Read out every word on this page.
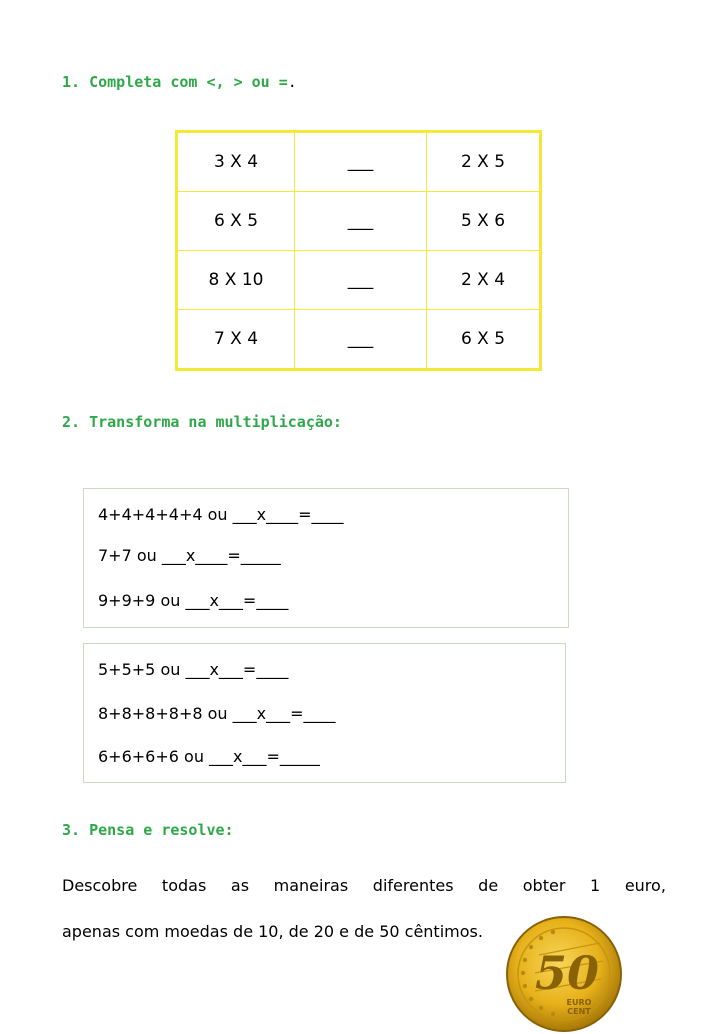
1. Completa com <, > ou =.
3 X 4	___	2 X 5
6 X 5	___	5 X 6
8 X 10	___	2 X 4
7 X 4	___	6 X 5
2. Transforma na multiplicação:
4+4+4+4+4 ou ___x____=____
7+7 ou ___x____=_____
9+9+9 ou ___x___=____
5+5+5 ou ___x___=____
8+8+8+8+8 ou ___x___=____
6+6+6+6 ou ___x___=_____
3. Pensa e resolve:
Descobre todas as maneiras diferentes de obter 1 euro,
apenas com moedas de 10, de 20 e de 50 cêntimos.
50
EURO
CENT
